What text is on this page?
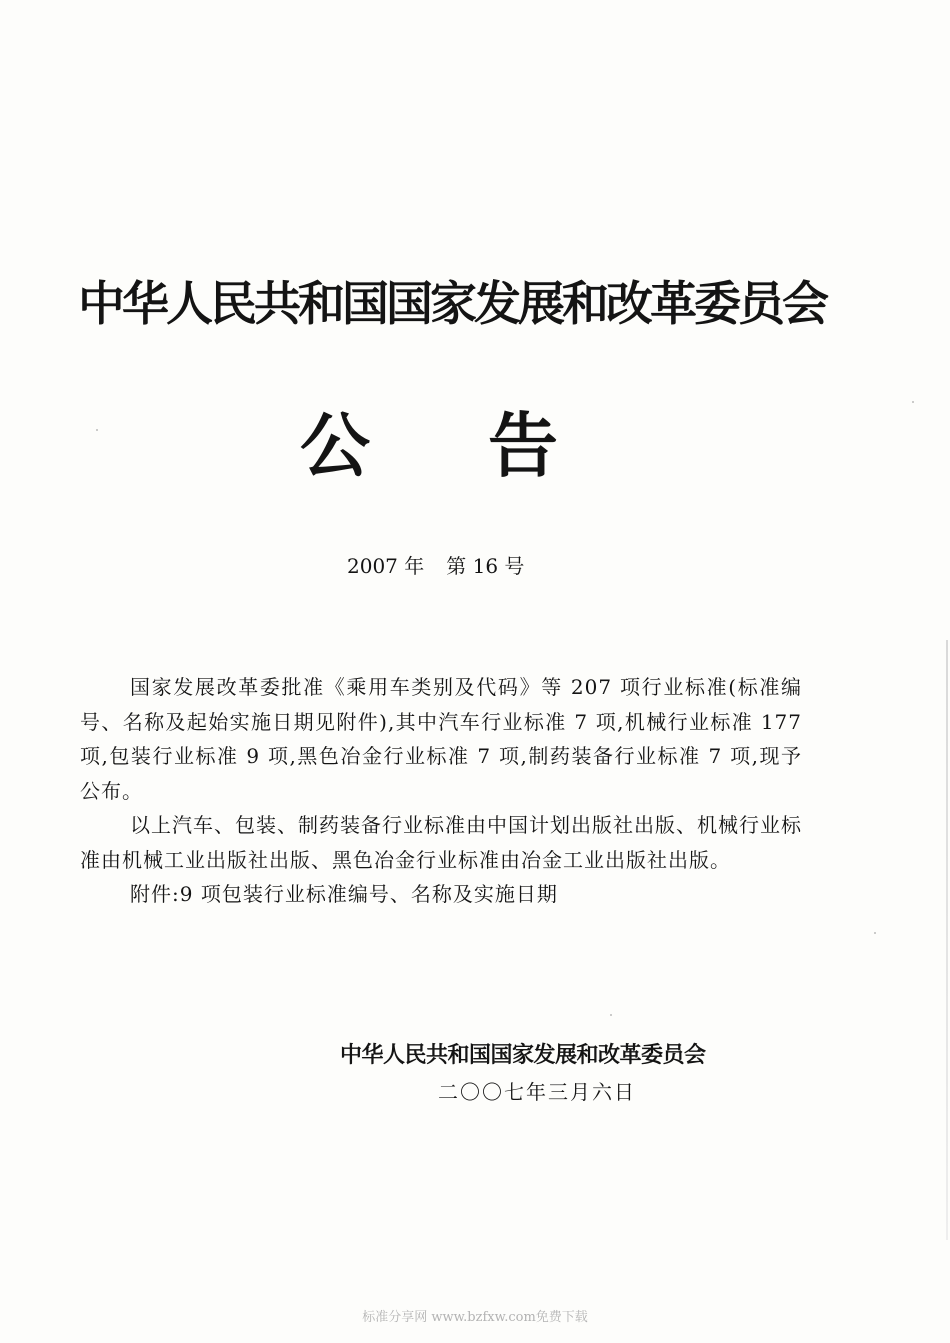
中华人民共和国国家发展和改革委员会
公 告
2007 年 第 16 号

国家发展改革委批准《乘用车类别及代码》等 207 项行业标准(标准编号、名称及起始实施日期见附件),其中汽车行业标准 7 项,机械行业标准 177 项,包装行业标准 9 项,黑色冶金行业标准 7 项,制药装备行业标准 7 项,现予公布。

以上汽车、包装、制药装备行业标准由中国计划出版社出版、机械行业标准由机械工业出版社出版、黑色冶金行业标准由冶金工业出版社出版。

附件:9 项包装行业标准编号、名称及实施日期

中华人民共和国国家发展和改革委员会
二〇〇七年三月六日
标准分享网 www.bzfxw.com免费下载
